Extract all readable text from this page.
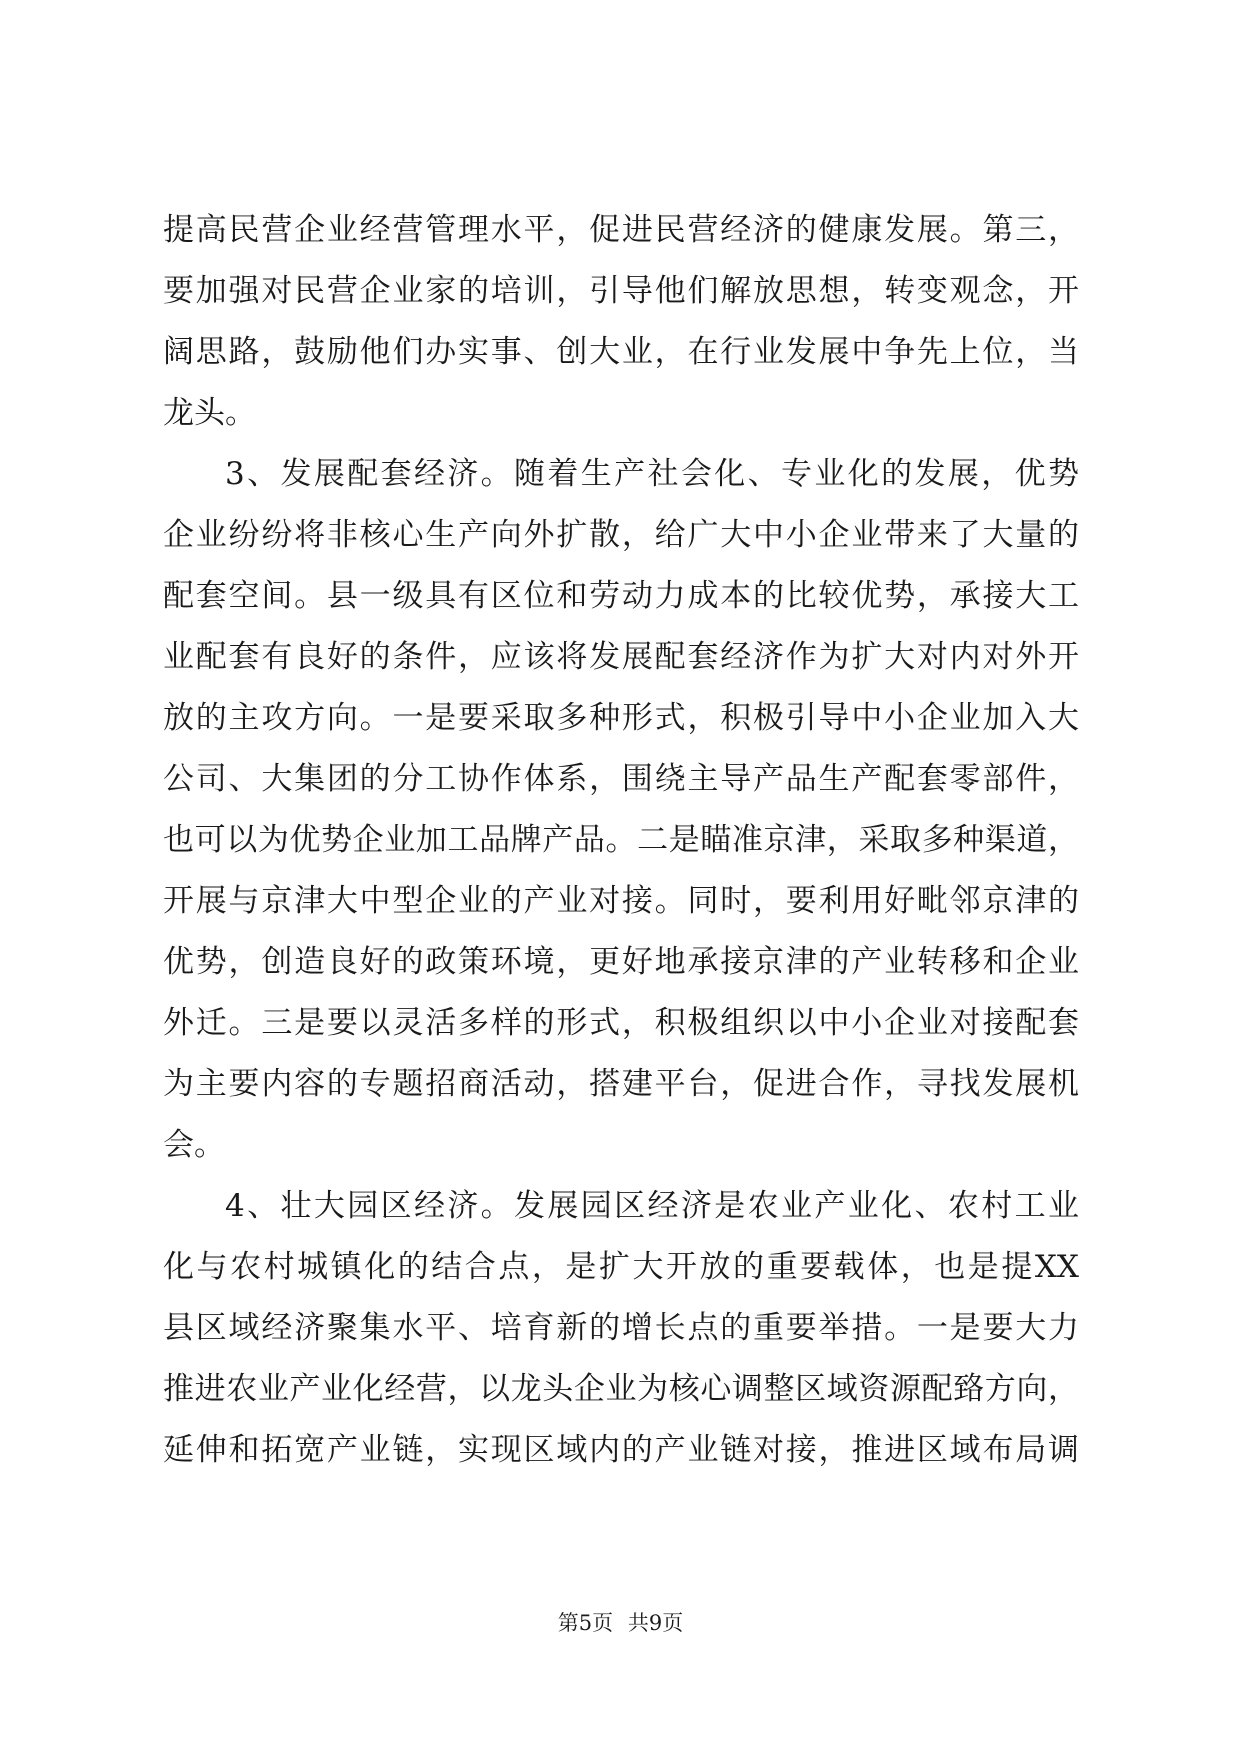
提高民营企业经营管理水平，促进民营经济的健康发展。第三，
要加强对民营企业家的培训，引导他们解放思想，转变观念，开
阔思路，鼓励他们办实事、创大业，在行业发展中争先上位，当
龙头。
3、发展配套经济。随着生产社会化、专业化的发展，优势
企业纷纷将非核心生产向外扩散，给广大中小企业带来了大量的
配套空间。县一级具有区位和劳动力成本的比较优势，承接大工
业配套有良好的条件，应该将发展配套经济作为扩大对内对外开
放的主攻方向。一是要采取多种形式，积极引导中小企业加入大
公司、大集团的分工协作体系，围绕主导产品生产配套零部件，
也可以为优势企业加工品牌产品。二是瞄准京津，采取多种渠道，
开展与京津大中型企业的产业对接。同时，要利用好毗邻京津的
优势，创造良好的政策环境，更好地承接京津的产业转移和企业
外迁。三是要以灵活多样的形式，积极组织以中小企业对接配套
为主要内容的专题招商活动，搭建平台，促进合作，寻找发展机
会。
4、壮大园区经济。发展园区经济是农业产业化、农村工业
化与农村城镇化的结合点，是扩大开放的重要载体，也是提XX
县区域经济聚集水平、培育新的增长点的重要举措。一是要大力
推进农业产业化经营，以龙头企业为核心调整区域资源配臵方向，
延伸和拓宽产业链，实现区域内的产业链对接，推进区域布局调
第5页 共9页
